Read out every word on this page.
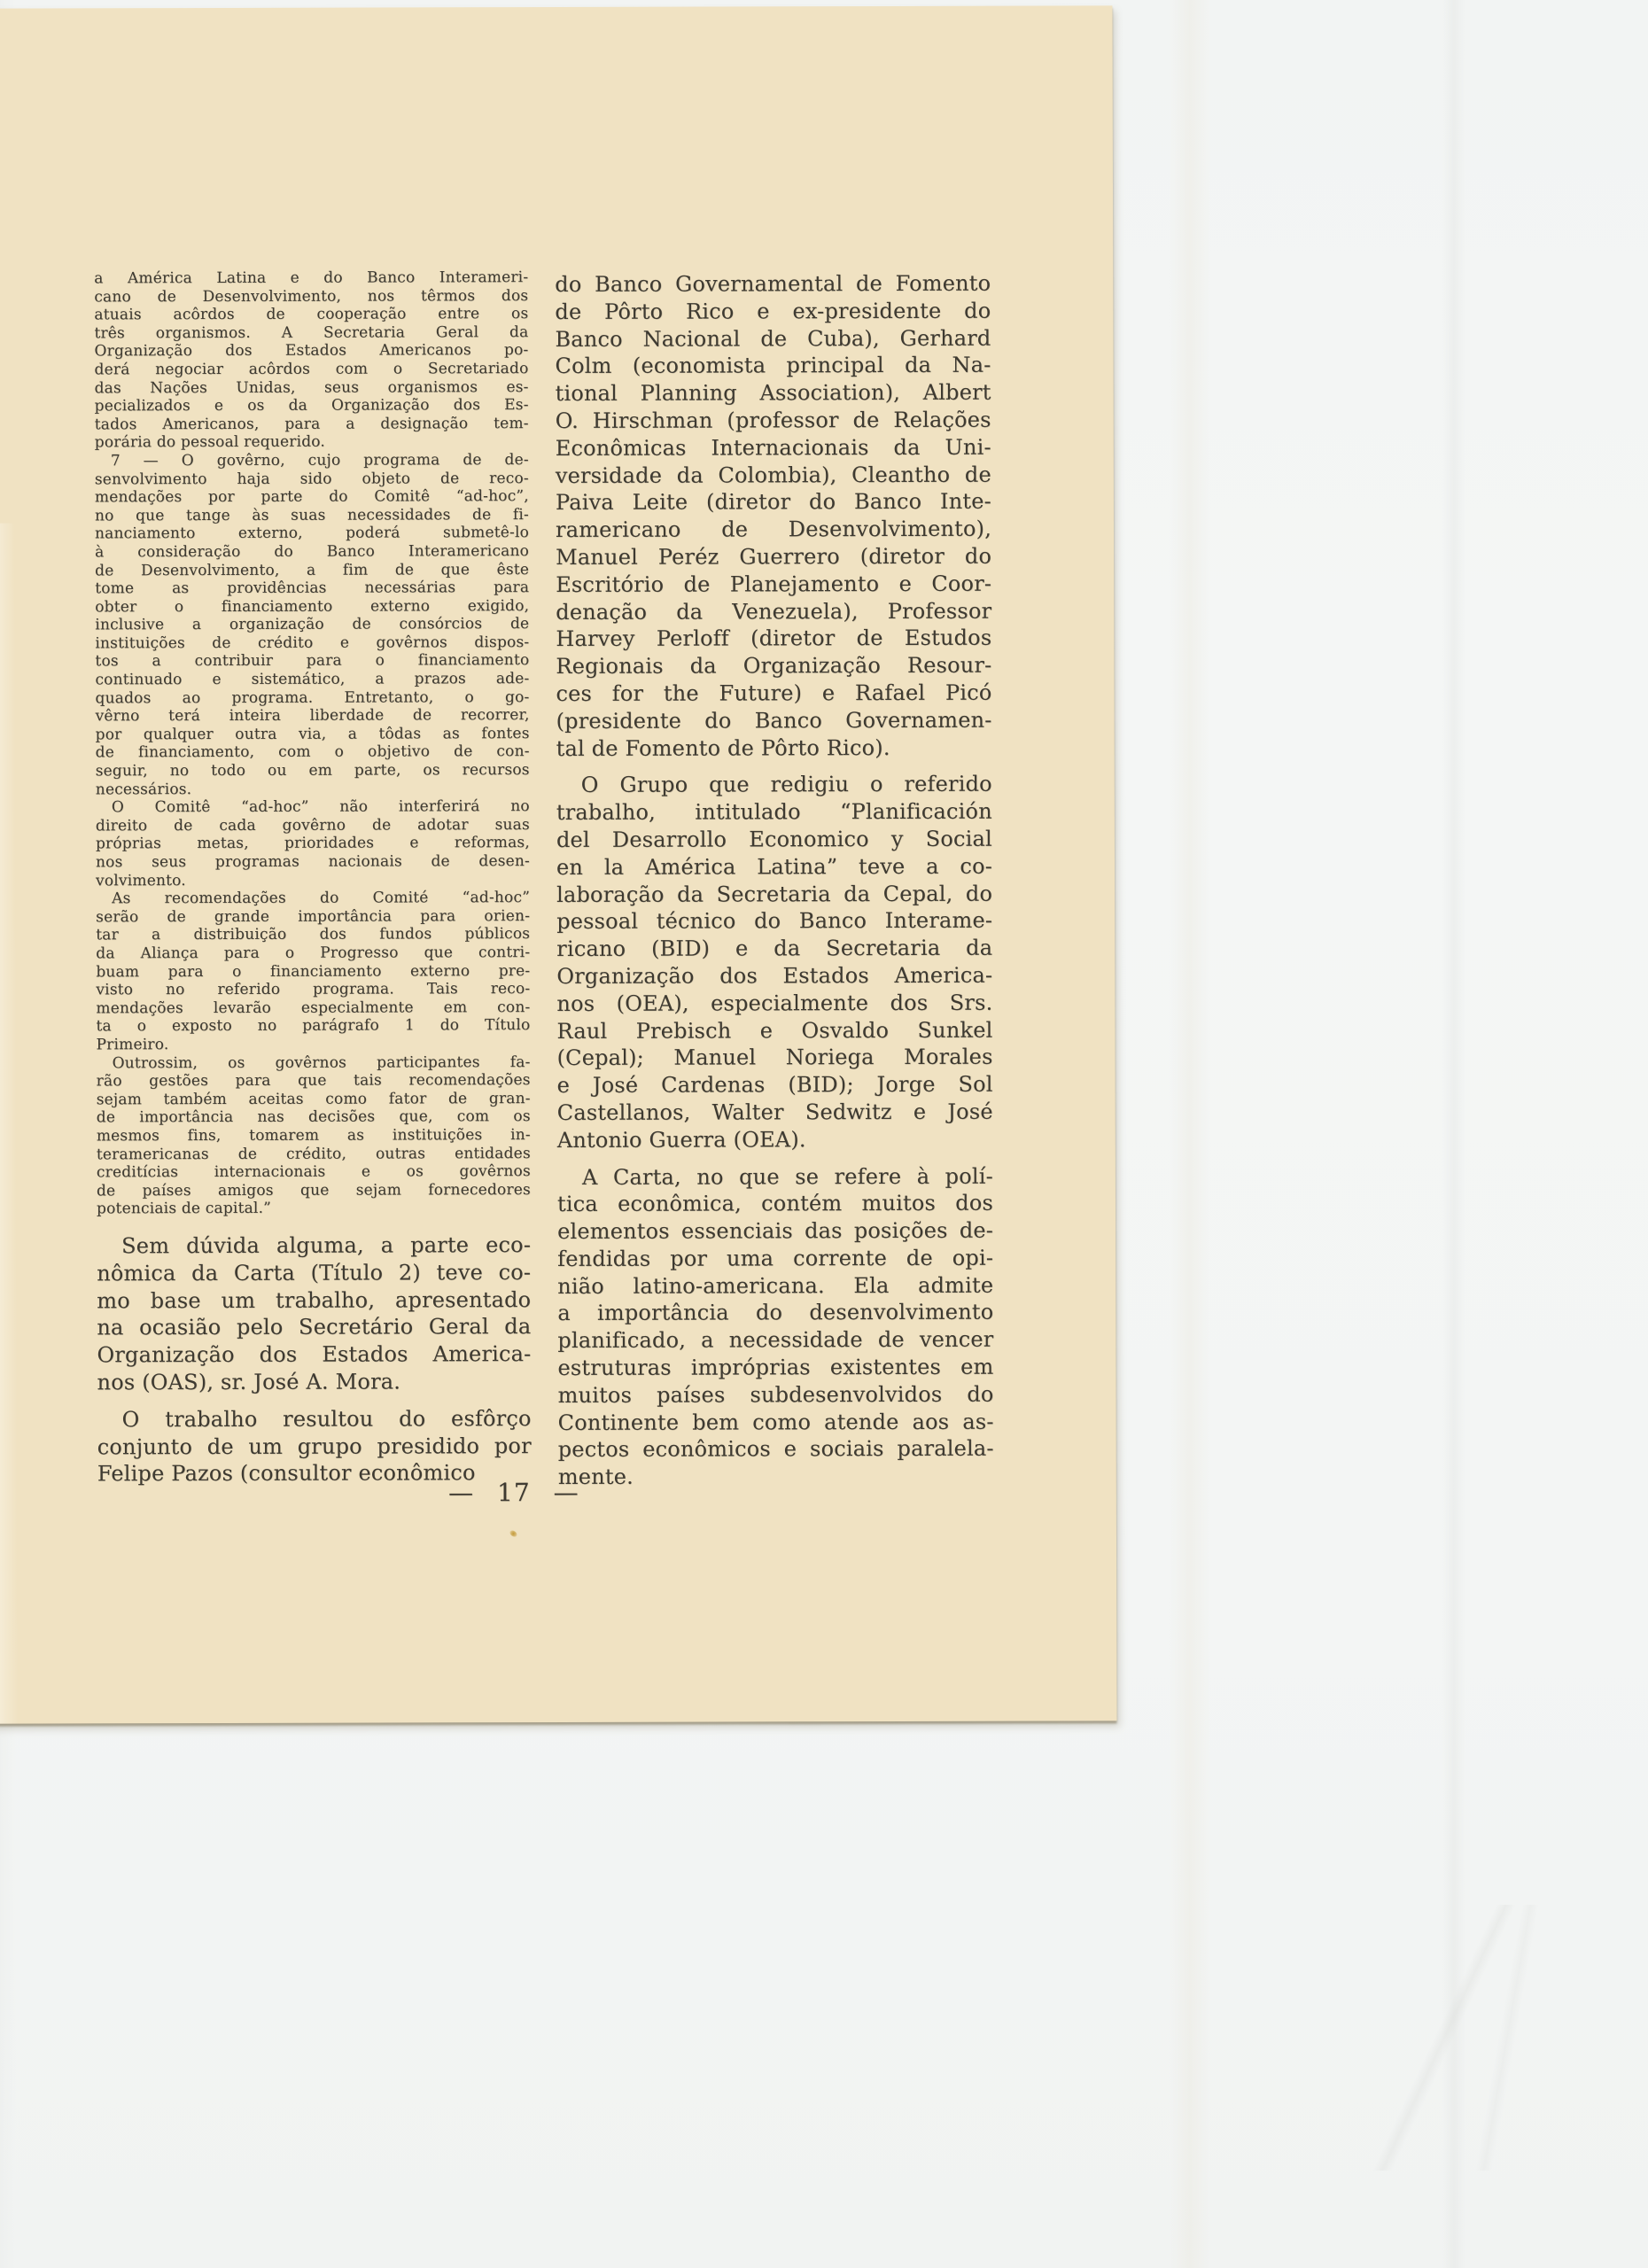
a América Latina e do Banco Interameri-
cano de Desenvolvimento, nos têrmos dos
atuais acôrdos de cooperação entre os
três organismos. A Secretaria Geral da
Organização dos Estados Americanos po-
derá negociar acôrdos com o Secretariado
das Nações Unidas, seus organismos es-
pecializados e os da Organização dos Es-
tados Americanos, para a designação tem-
porária do pessoal requerido.
7 — O govêrno, cujo programa de de-
senvolvimento haja sido objeto de reco-
mendações por parte do Comitê “ad-hoc”,
no que tange às suas necessidades de fi-
nanciamento externo, poderá submetê-lo
à consideração do Banco Interamericano
de Desenvolvimento, a fim de que êste
tome as providências necessárias para
obter o financiamento externo exigido,
inclusive a organização de consórcios de
instituições de crédito e govêrnos dispos-
tos a contribuir para o financiamento
continuado e sistemático, a prazos ade-
quados ao programa. Entretanto, o go-
vêrno terá inteira liberdade de recorrer,
por qualquer outra via, a tôdas as fontes
de financiamento, com o objetivo de con-
seguir, no todo ou em parte, os recursos
necessários.
O Comitê “ad-hoc” não interferirá no
direito de cada govêrno de adotar suas
próprias metas, prioridades e reformas,
nos seus programas nacionais de desen-
volvimento.
As recomendações do Comité “ad-hoc”
serão de grande importância para orien-
tar a distribuição dos fundos públicos
da Aliança para o Progresso que contri-
buam para o financiamento externo pre-
visto no referido programa. Tais reco-
mendações levarão especialmente em con-
ta o exposto no parágrafo 1 do Título
Primeiro.
Outrossim, os govêrnos participantes fa-
rão gestões para que tais recomendações
sejam também aceitas como fator de gran-
de importância nas decisões que, com os
mesmos fins, tomarem as instituições in-
teramericanas de crédito, outras entidades
creditícias internacionais e os govêrnos
de países amigos que sejam fornecedores
potenciais de capital.”
Sem dúvida alguma, a parte eco-
nômica da Carta (Título 2) teve co-
mo base um trabalho, apresentado
na ocasião pelo Secretário Geral da
Organização dos Estados America-
nos (OAS), sr. José A. Mora.
O trabalho resultou do esfôrço
conjunto de um grupo presidido por
Felipe Pazos (consultor econômico
do Banco Governamental de Fomento
de Pôrto Rico e ex-presidente do
Banco Nacional de Cuba), Gerhard
Colm (economista principal da Na-
tional Planning Association), Albert
O. Hirschman (professor de Relações
Econômicas Internacionais da Uni-
versidade da Colombia), Cleantho de
Paiva Leite (diretor do Banco Inte-
ramericano de Desenvolvimento),
Manuel Peréz Guerrero (diretor do
Escritório de Planejamento e Coor-
denação da Venezuela), Professor
Harvey Perloff (diretor de Estudos
Regionais da Organização Resour-
ces for the Future) e Rafael Picó
(presidente do Banco Governamen-
tal de Fomento de Pôrto Rico).
O Grupo que redigiu o referido
trabalho, intitulado “Planificación
del Desarrollo Economico y Social
en la América Latina” teve a co-
laboração da Secretaria da Cepal, do
pessoal técnico do Banco Interame-
ricano (BID) e da Secretaria da
Organização dos Estados America-
nos (OEA), especialmente dos Srs.
Raul Prebisch e Osvaldo Sunkel
(Cepal); Manuel Noriega Morales
e José Cardenas (BID); Jorge Sol
Castellanos, Walter Sedwitz e José
Antonio Guerra (OEA).
A Carta, no que se refere à polí-
tica econômica, contém muitos dos
elementos essenciais das posições de-
fendidas por uma corrente de opi-
nião latino-americana. Ela admite
a importância do desenvolvimento
planificado, a necessidade de vencer
estruturas impróprias existentes em
muitos países subdesenvolvidos do
Continente bem como atende aos as-
pectos econômicos e sociais paralela-
mente.
— 17 —
